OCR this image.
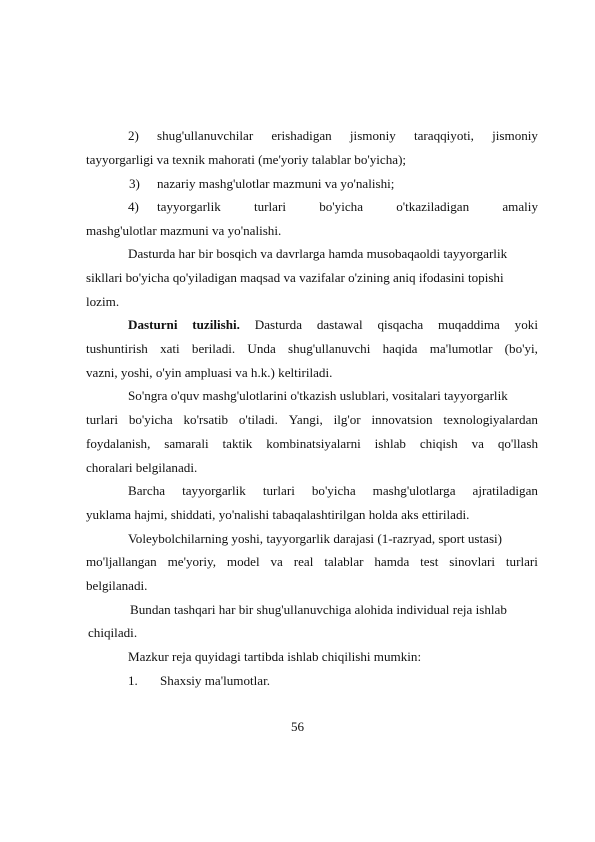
2) shug'ullanuvchilar erishadigan jismoniy taraqqiyoti, jismoniy
tayyorgarligi va texnik mahorati (me'yoriy talablar bo'yicha);
3) nazariy mashg'ulotlar mazmuni va yo'nalishi;
4) tayyorgarlik	turlari	bo'yicha	o'tkaziladigan	amaliy
mashg'ulotlar mazmuni va yo'nalishi.
Dasturda har bir bosqich va davrlarga hamda musobaqaoldi tayyorgarlik
sikllari bo'yicha qo'yiladigan maqsad va vazifalar o'zining aniq ifodasini topishi
lozim.
Dasturni tuzilishi. Dasturda dastawal qisqacha muqaddima yoki
tushuntirish xati beriladi. Unda shug'ullanuvchi haqida ma'lumotlar (bo'yi,
vazni, yoshi, o'yin ampluasi va h.k.) keltiriladi.
So'ngra o'quv mashg'ulotlarini o'tkazish uslublari, vositalari tayyorgarlik
turlari bo'yicha ko'rsatib o'tiladi. Yangi, ilg'or innovatsion texnologiyalardan
foydalanish, samarali taktik kombinatsiyalarni ishlab chiqish va qo'llash
choralari belgilanadi.
Barcha tayyorgarlik turlari bo'yicha mashg'ulotlarga ajratiladigan
yuklama hajmi, shiddati, yo'nalishi tabaqalashtirilgan holda aks ettiriladi.
Voleybolchilarning yoshi, tayyorgarlik darajasi (1-razryad, sport ustasi)
mo'ljallangan me'yoriy, model va real talablar hamda test sinovlari turlari
belgilanadi.
Bundan tashqari har bir shug'ullanuvchiga alohida individual reja ishlab
chiqiladi.
Mazkur reja quyidagi tartibda ishlab chiqilishi mumkin:
1. Shaxsiy ma'lumotlar.
56
